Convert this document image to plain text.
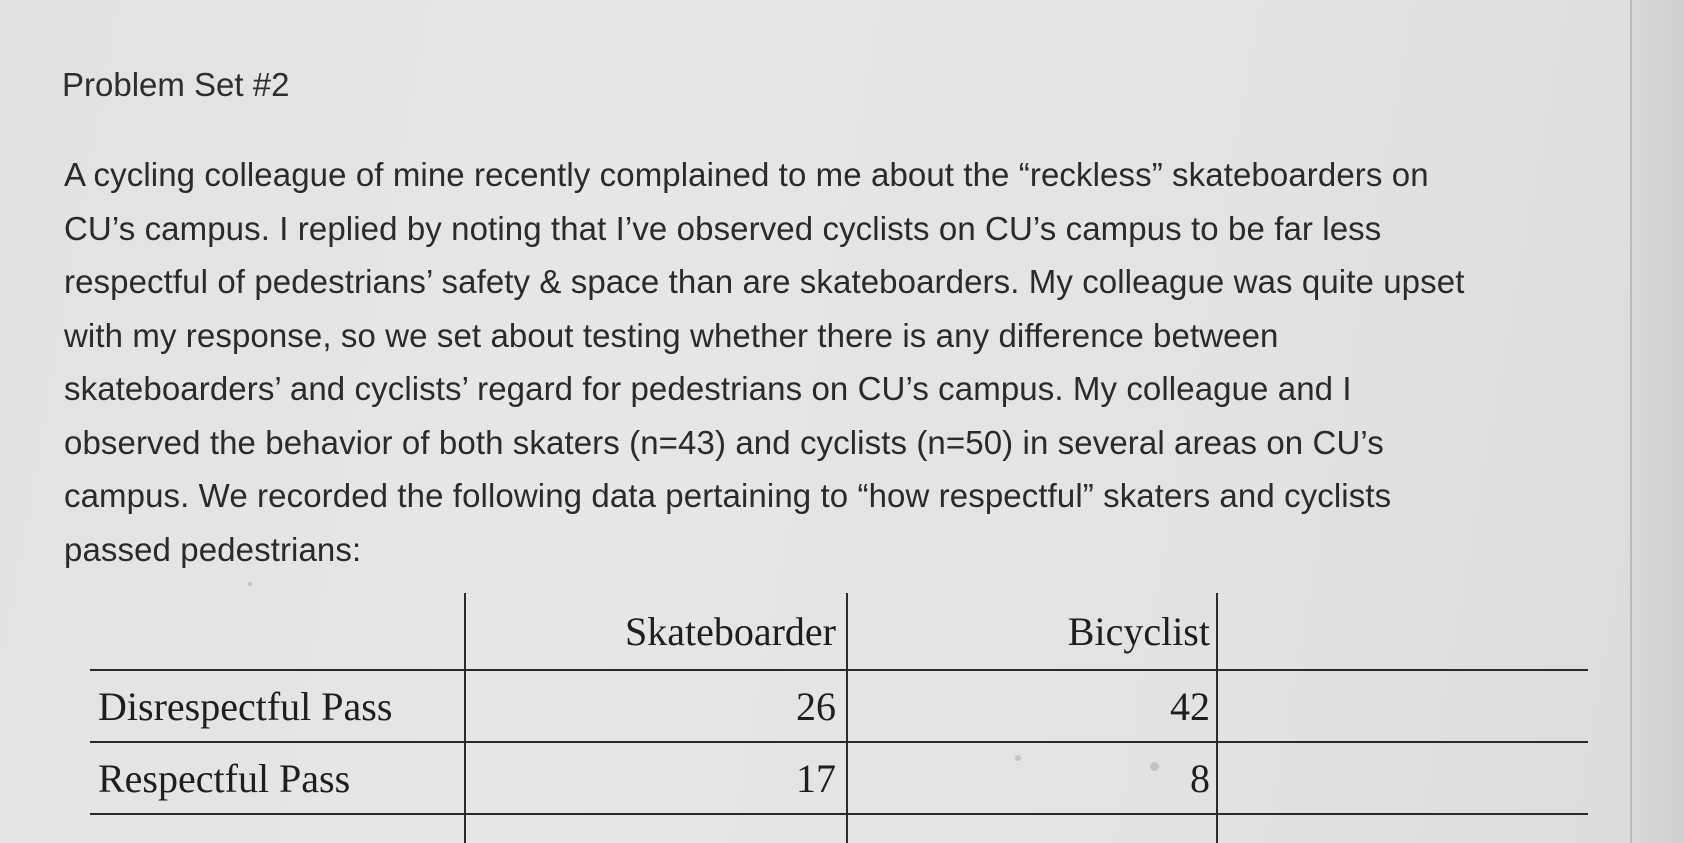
Problem Set #2
A cycling colleague of mine recently complained to me about the “reckless” skateboarders on
CU’s campus. I replied by noting that I’ve observed cyclists on CU’s campus to be far less
respectful of pedestrians’ safety & space than are skateboarders. My colleague was quite upset
with my response, so we set about testing whether there is any difference between
skateboarders’ and cyclists’ regard for pedestrians on CU’s campus. My colleague and I
observed the behavior of both skaters (n=43) and cyclists (n=50) in several areas on CU’s
campus. We recorded the following data pertaining to “how respectful” skaters and cyclists
passed pedestrians:
	Skateboarder	Bicyclist	
Disrespectful Pass	26	42	
Respectful Pass	17	8	
